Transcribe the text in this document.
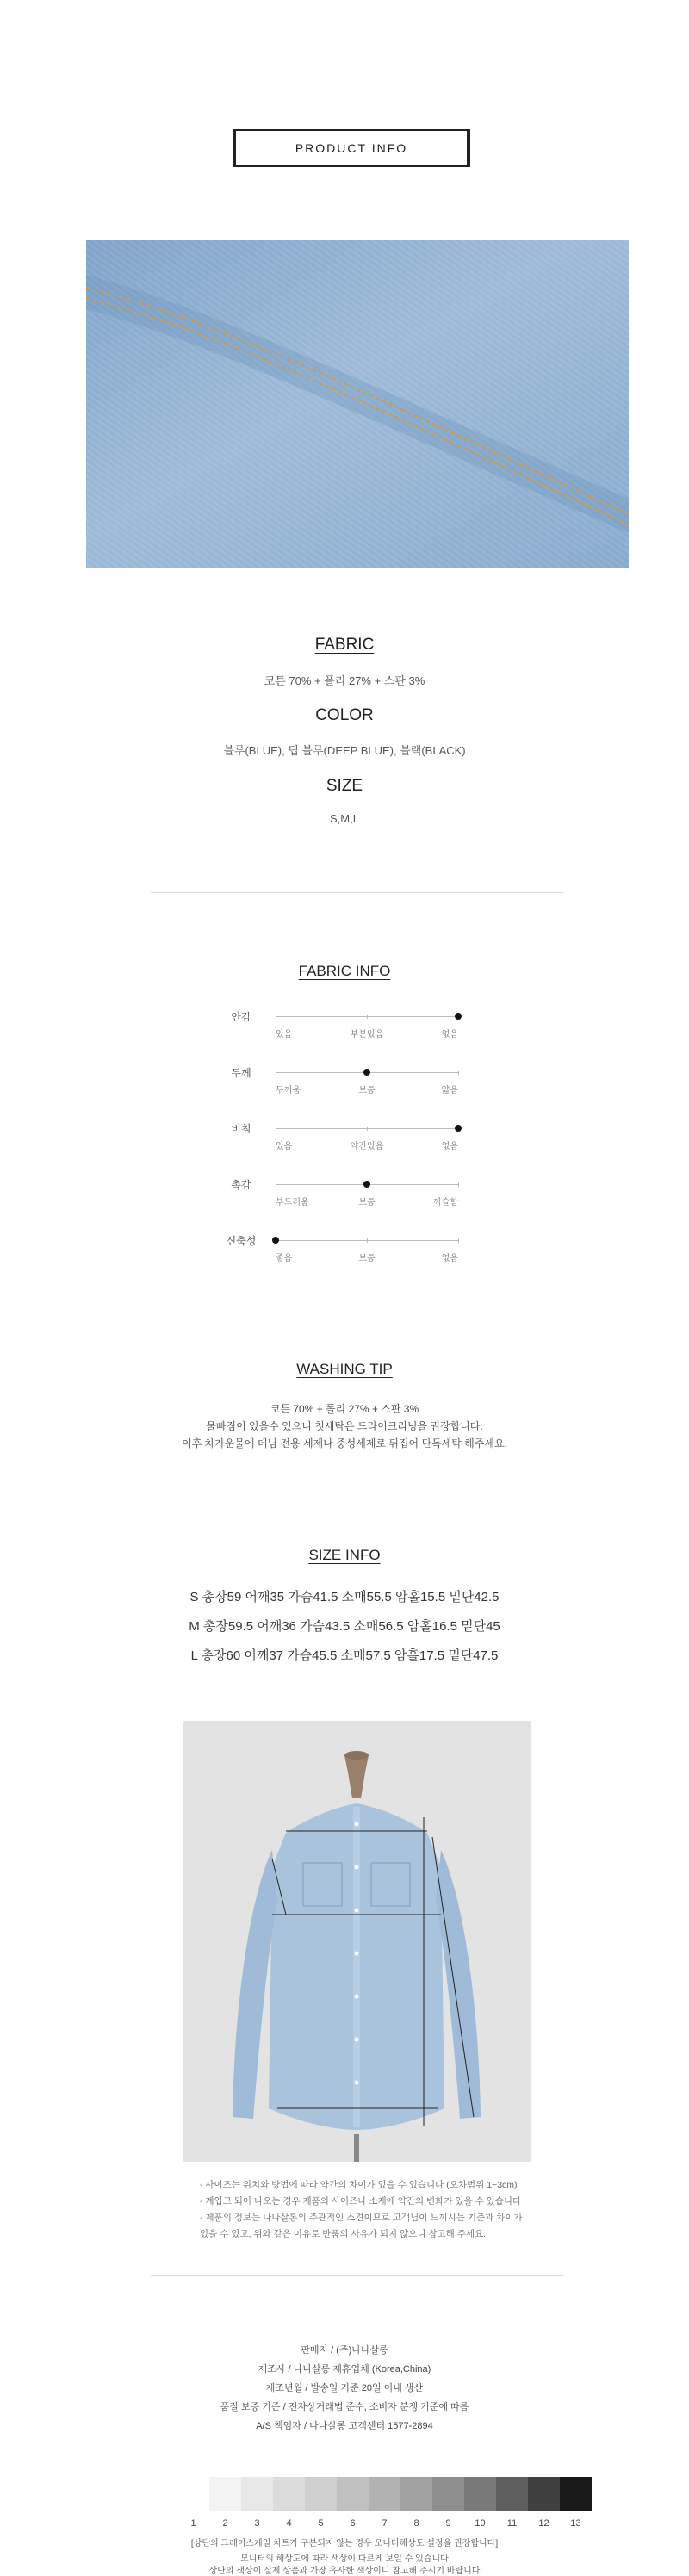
PRODUCT INFO
FABRIC
코튼 70% + 폴리 27% + 스판 3%
COLOR
블루(BLUE), 딥 블루(DEEP BLUE), 블랙(BLACK)
SIZE
S,M,L
FABRIC INFO
안감
있음	부분있음	없음
두께
두꺼움	보통	얇음
비침
있음	약간있음	없음
촉감
부드러움	보통	까슬함
신축성
좋음	보통	없음
WASHING TIP
코튼 70% + 폴리 27% + 스판 3%
물빠짐이 있을수 있으니 첫세탁은 드라이크리닝을 권장합니다.
이후 차가운물에 데님 전용 세제나 중성세제로 뒤집어 단독세탁 해주세요.
SIZE INFO
S 총장59 어깨35 가슴41.5 소매55.5 암홀15.5 밑단42.5
M 총장59.5 어깨36 가슴43.5 소매56.5 암홀16.5 밑단45
L 총장60 어깨37 가슴45.5 소매57.5 암홀17.5 밑단47.5
- 사이즈는 위치와 방법에 따라 약간의 차이가 있을 수 있습니다 (오차범위 1~3cm)
- 계입고 되어 나오는 경우 제품의 사이즈나 소재에 약간의 변화가 있을 수 있습니다
- 제품의 정보는 나나살롱의 주관적인 소견이므로 고객님이 느끼시는 기준과 차이가
있을 수 있고, 위와 같은 이유로 반품의 사유가 되지 않으니 참고해 주세요.
판매자 / (주)나나살롱
제조사 / 나나살롱 제휴업체 (Korea,China)
제조년월 / 발송일 기준 20일 이내 생산
품질 보증 기준 / 전자상거래법 준수, 소비자 분쟁 기준에 따름
A/S 책임자 / 나나살롱 고객센터 1577-2894
1	2	3	4	5	6	7	8	9	10	11	12	13
[상단의 그레이스케일 차트가 구분되지 않는 경우 모니터해상도 설정을 권장합니다]
모니터의 해상도에 따라 색상이 다르게 보일 수 있습니다
상단의 색상이 실제 상품과 가장 유사한 색상이니 참고해 주시기 바랍니다
